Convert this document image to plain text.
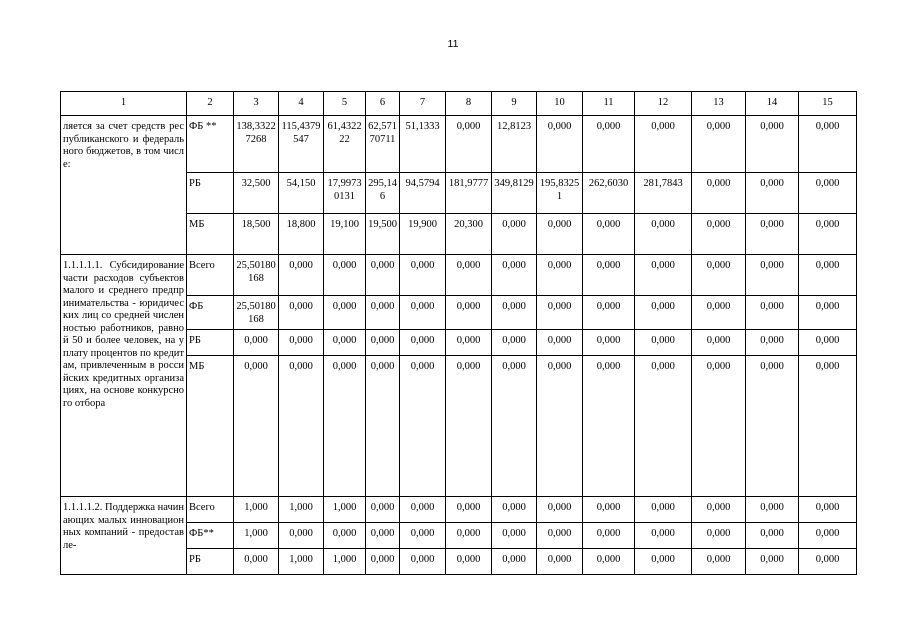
11
1	2	3	4	5	6	7	8	9	10	11	12	13	14	15
ляется за счет средств республиканского и федерального бюджетов, в том числе:	ФБ **	138,33227268	115,4379547	61,432222	62,57170711	51,1333	0,000	12,8123	0,000	0,000	0,000	0,000	0,000	0,000
	РБ	32,500	54,150	17,99730131	295,146	94,5794	181,9777	349,8129	195,83251	262,6030	281,7843	0,000	0,000	0,000
	МБ	18,500	18,800	19,100	19,500	19,900	20,300	0,000	0,000	0,000	0,000	0,000	0,000	0,000
1.1.1.1.1. Субсидирование части расходов субъектов малого и среднего предпринимательства - юридических лиц со средней численностью работников, равной 50 и более человек, на уплату процентов по кредитам, привлеченным в российских кредитных организациях, на основе конкурсного отбора	Всего	25,50180168	0,000	0,000	0,000	0,000	0,000	0,000	0,000	0,000	0,000	0,000	0,000	0,000
	ФБ	25,50180168	0,000	0,000	0,000	0,000	0,000	0,000	0,000	0,000	0,000	0,000	0,000	0,000
	РБ	0,000	0,000	0,000	0,000	0,000	0,000	0,000	0,000	0,000	0,000	0,000	0,000	0,000
	МБ	0,000	0,000	0,000	0,000	0,000	0,000	0,000	0,000	0,000	0,000	0,000	0,000	0,000
1.1.1.1.2. Поддержка начинающих малых инновационных компаний - предоставле-	Всего	1,000	1,000	1,000	0,000	0,000	0,000	0,000	0,000	0,000	0,000	0,000	0,000	0,000
	ФБ**	1,000	0,000	0,000	0,000	0,000	0,000	0,000	0,000	0,000	0,000	0,000	0,000	0,000
	РБ	0,000	1,000	1,000	0,000	0,000	0,000	0,000	0,000	0,000	0,000	0,000	0,000	0,000
